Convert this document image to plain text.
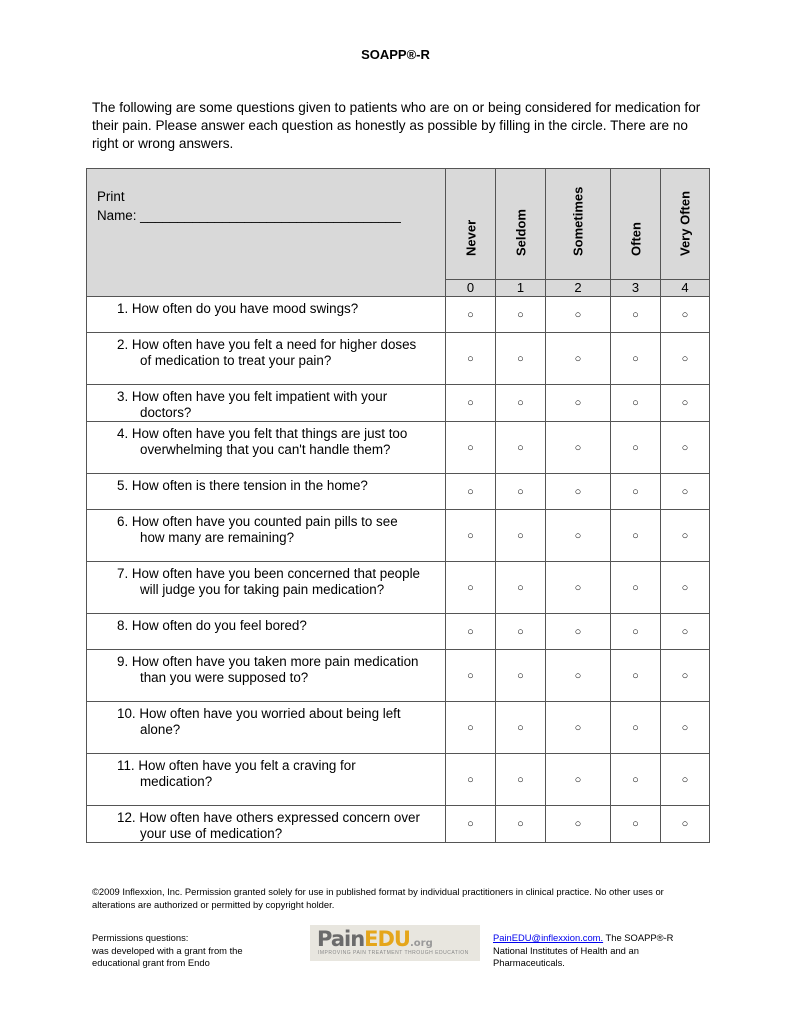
SOAPP®-R
The following are some questions given to patients who are on or being considered for medication for their pain. Please answer each question as honestly as possible by filling in the circle. There are no right or wrong answers.
Print
Name: ___________________________________	Never	Seldom	Sometimes	Often	Very Often

	0	1	2	3	4

1. How often do you have mood swings?	○	○	○	○	○

2. How often have you felt a need for higher doses
of medication to treat your pain?	○	○	○	○	○

3. How often have you felt impatient with your
doctors?	○	○	○	○	○

4. How often have you felt that things are just too
overwhelming that you can't handle them?	○	○	○	○	○

5. How often is there tension in the home?	○	○	○	○	○

6. How often have you counted pain pills to see
how many are remaining?	○	○	○	○	○

7. How often have you been concerned that people
will judge you for taking pain medication?	○	○	○	○	○

8. How often do you feel bored?	○	○	○	○	○

9. How often have you taken more pain medication
than you were supposed to?	○	○	○	○	○

10. How often have you worried about being left
alone?	○	○	○	○	○

11. How often have you felt a craving for
medication?	○	○	○	○	○

12. How often have others expressed concern over
your use of medication?	○	○	○	○	○
©2009 Inflexxion, Inc. Permission granted solely for use in published format by individual practitioners in clinical practice. No other uses or alterations are authorized or permitted by copyright holder.
Permissions questions:
was developed with a grant from the
educational grant from Endo
PainEDU.org
IMPROVING PAIN TREATMENT THROUGH EDUCATION
PainEDU@inflexxion.com. The SOAPP®-R
National Institutes of Health and an
Pharmaceuticals.
